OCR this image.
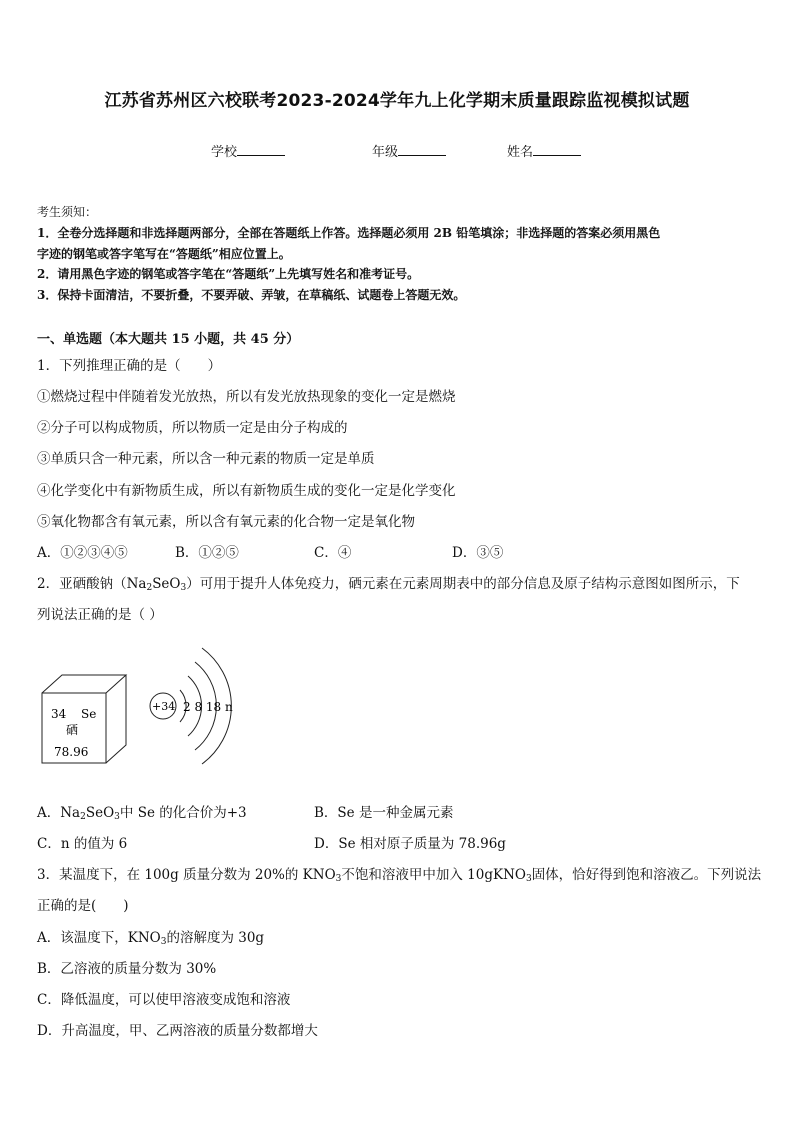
江苏省苏州区六校联考2023-2024学年九上化学期末质量跟踪监视模拟试题
学校	年级	姓名
考生须知：
1．全卷分选择题和非选择题两部分，全部在答题纸上作答。选择题必须用 2B 铅笔填涂；非选择题的答案必须用黑色
字迹的钢笔或答字笔写在“答题纸”相应位置上。
2．请用黑色字迹的钢笔或答字笔在“答题纸”上先填写姓名和准考证号。
3．保持卡面清洁，不要折叠，不要弄破、弄皱，在草稿纸、试题卷上答题无效。
一、单选题（本大题共 15 小题，共 45 分）
1．下列推理正确的是（　　）
①燃烧过程中伴随着发光放热，所以有发光放热现象的变化一定是燃烧
②分子可以构成物质，所以物质一定是由分子构成的
③单质只含一种元素，所以含一种元素的物质一定是单质
④化学变化中有新物质生成，所以有新物质生成的变化一定是化学变化
⑤氧化物都含有氧元素，所以含有氧元素的化合物一定是氧化物
A．①②③④⑤	B．①②⑤	C．④	D．③⑤
2．亚硒酸钠$(Na_2SeO_3)$可用于提升人体免疫力，硒元素在元素周期表中的部分信息及原子结构示意图如图所示，下
列说法正确的是（ ）
34 Se
硒
78.96
+34 2 8 18 n
A．$Na_2SeO_3$中 Se 的化合价为+3	B．Se 是一种金属元素
C．n 的值为 6	D．Se 相对原子质量为 78.96g
3．某温度下，在 100g 质量分数为 20%的 $KNO_3$不饱和溶液甲中加入 10gKNO$_3$固体，恰好得到饱和溶液乙。下列说法
正确的是(　　)
A．该温度下，$KNO_3$的溶解度为 30g
B．乙溶液的质量分数为 30%
C．降低温度，可以使甲溶液变成饱和溶液
D．升高温度，甲、乙两溶液的质量分数都增大
